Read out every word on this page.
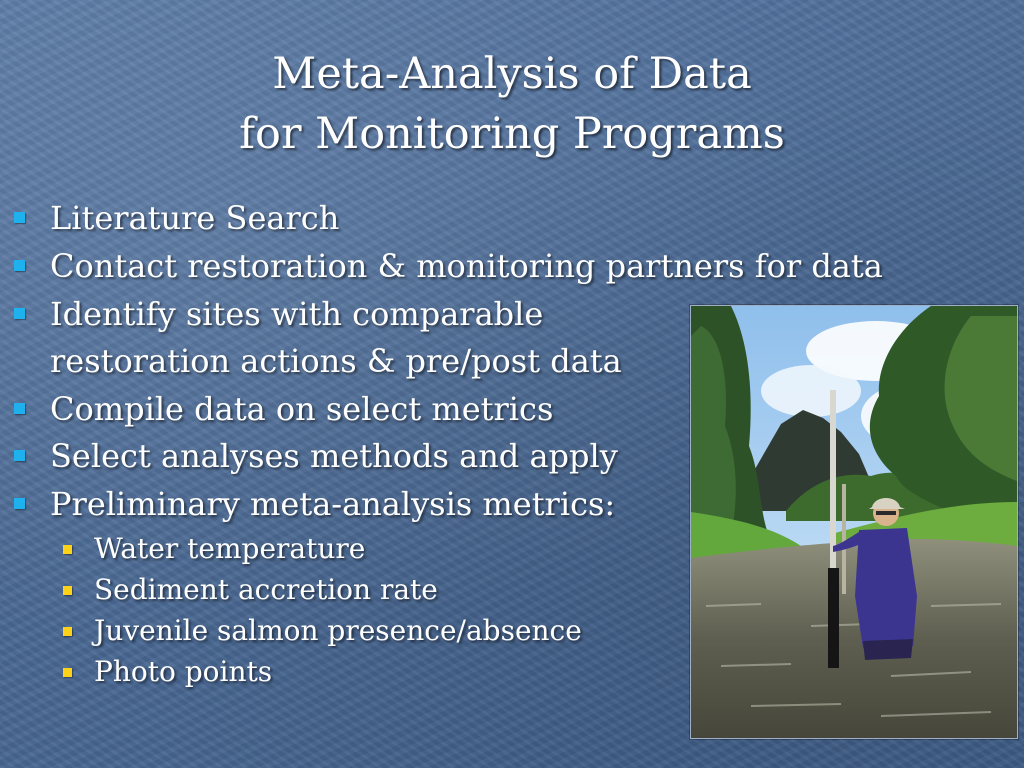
Meta-Analysis of Data
for Monitoring Programs
Literature Search
Contact restoration & monitoring partners for data
Identify sites with comparable
restoration actions & pre/post data
Compile data on select metrics
Select analyses methods and apply
Preliminary meta-analysis metrics:
Water temperature
Sediment accretion rate
Juvenile salmon presence/absence
Photo points
